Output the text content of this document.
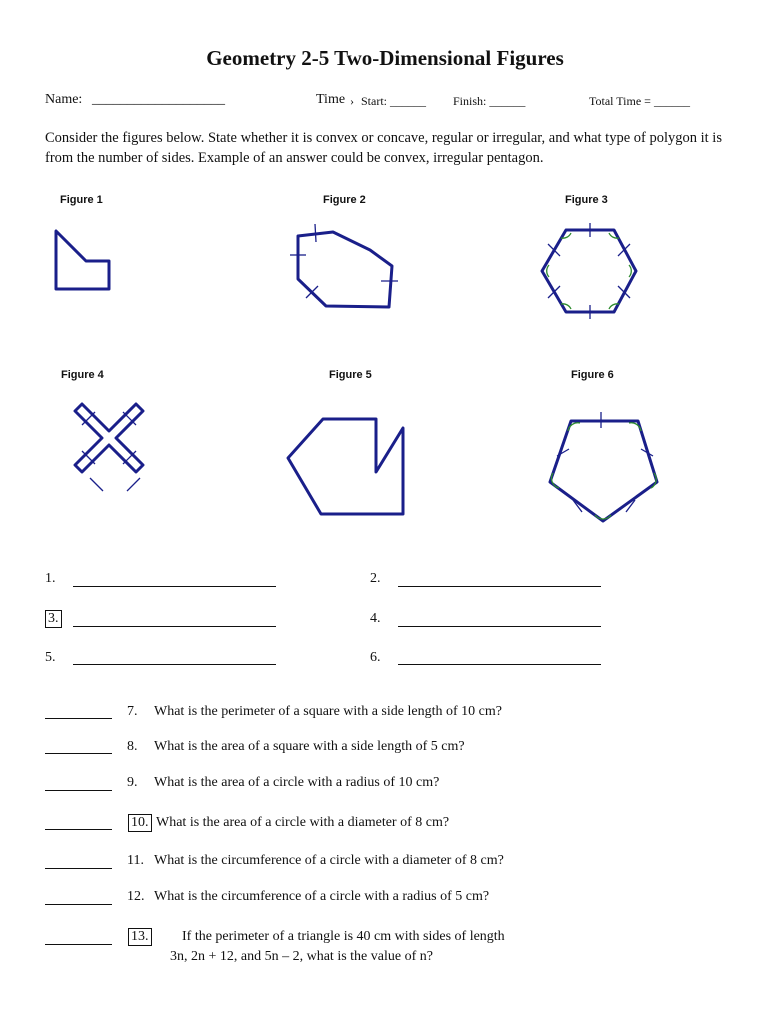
Geometry 2-5 Two-Dimensional Figures
Name: ___________________	Time › Start: ______ Finish: ______	Total Time = ______
Consider the figures below. State whether it is convex or concave, regular or irregular, and what type of polygon it is from the number of sides. Example of an answer could be convex, irregular pentagon.
Figure 1	Figure 2	Figure 3
Figure 4	Figure 5	Figure 6
1.	2.
3.	4.
5.	6.
7. What is the perimeter of a square with a side length of 10 cm?
8. What is the area of a square with a side length of 5 cm?
9. What is the area of a circle with a radius of 10 cm?
10. What is the area of a circle with a diameter of 8 cm?
11. What is the circumference of a circle with a diameter of 8 cm?
12. What is the circumference of a circle with a radius of 5 cm?
13. If the perimeter of a triangle is 40 cm with sides of length
3n, 2n + 12, and 5n – 2, what is the value of n?
